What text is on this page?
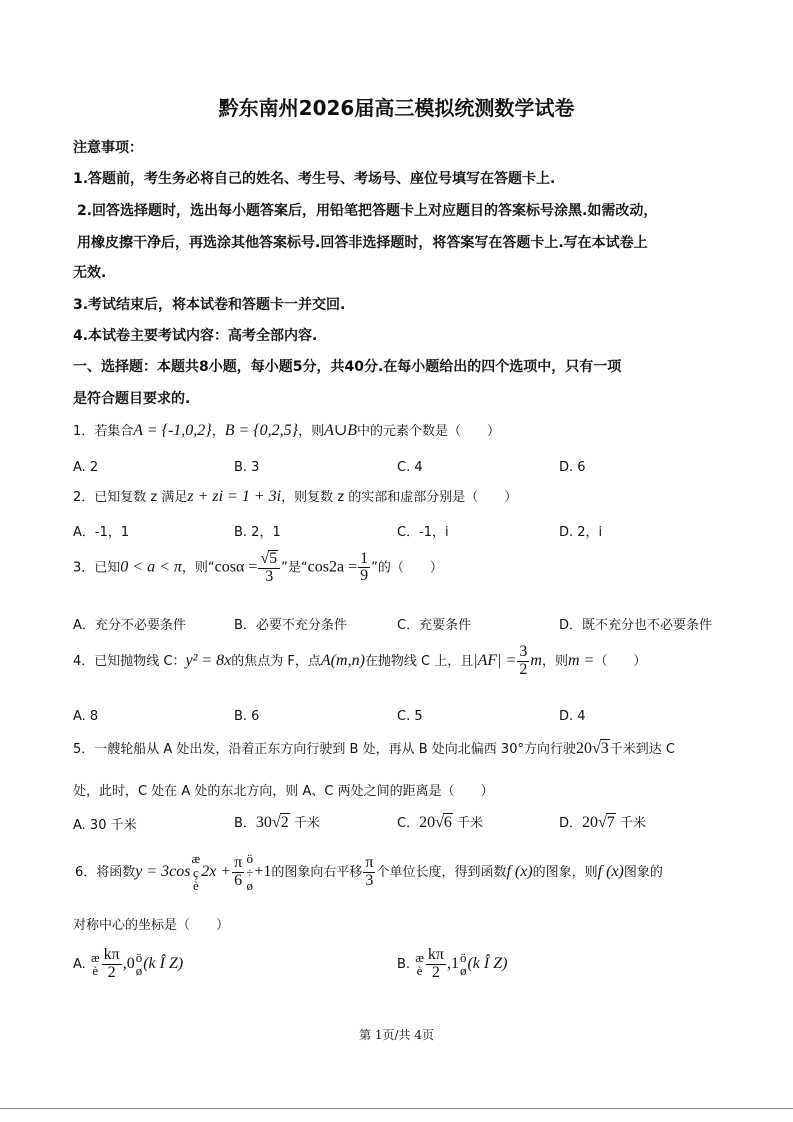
黔东南州2026届高三模拟统测数学试卷
注意事项：
1.答题前，考生务必将自己的姓名、考生号、考场号、座位号填写在答题卡上.
2.回答选择题时，选出每小题答案后，用铅笔把答题卡上对应题目的答案标号涂黑.如需改动，
用橡皮擦干净后，再选涂其他答案标号.回答非选择题时，将答案写在答题卡上.写在本试卷上
无效.
3.考试结束后，将本试卷和答题卡一并交回.
4.本试卷主要考试内容：高考全部内容.
一、选择题：本题共8小题，每小题5分，共40分.在每小题给出的四个选项中，只有一项
是符合题目要求的.
1．若集合A = {-1,0,2}，B = {0,2,5}，则A∪B中的元素个数是（　　）
A. 2	B. 3	C. 4	D. 6
2．已知复数 z 满足z + zi = 1 + 3i，则复数 z 的实部和虚部分别是（　　）
A．-1，1	B. 2，1	C．-1，i	D. 2，i
3．已知0 < a < π，则“$\cos\alpha = \frac{√5}{3}$ ”是“$\cos 2a = \frac{1}{9}$ ”的（　　）
A．充分不必要条件	B．必要不充分条件	C．充要条件	D．既不充分也不必要条件
4．已知抛物线 C：y² = 8x的焦点为 F，点A(m,n)在抛物线 C 上，且$|AF| = \frac{3}{2}$ m，则m =（　　）
A. 8	B. 6	C. 5	D. 4
5．一艘轮船从 A 处出发，沿着正东方向行驶到 B 处，再从 B 处向北偏西 30°方向行驶20√3千米到达 C
处，此时，C 处在 A 处的东北方向，则 A、C 两处之间的距离是（　　）
A. 30 千米	B．30√2 千米	C．20√6 千米	D．20√7 千米
6．将函数y = 3cos
æ
ç
è
$2x + \frac{\pi}{6}$ ö
÷
ø
+1的图象向右平移 $\frac{\pi}{3}$ 个单位长度，得到函数f (x)的图象，则f (x)图象的
对称中心的坐标是（　　）
A. æ
è $\frac{k\pi}{2} ,0$ ö
ø (k Î Z)	B. æ
è $\frac{k\pi}{2} ,1$ ö
ø (k Î Z)
第 1页/共 4页
